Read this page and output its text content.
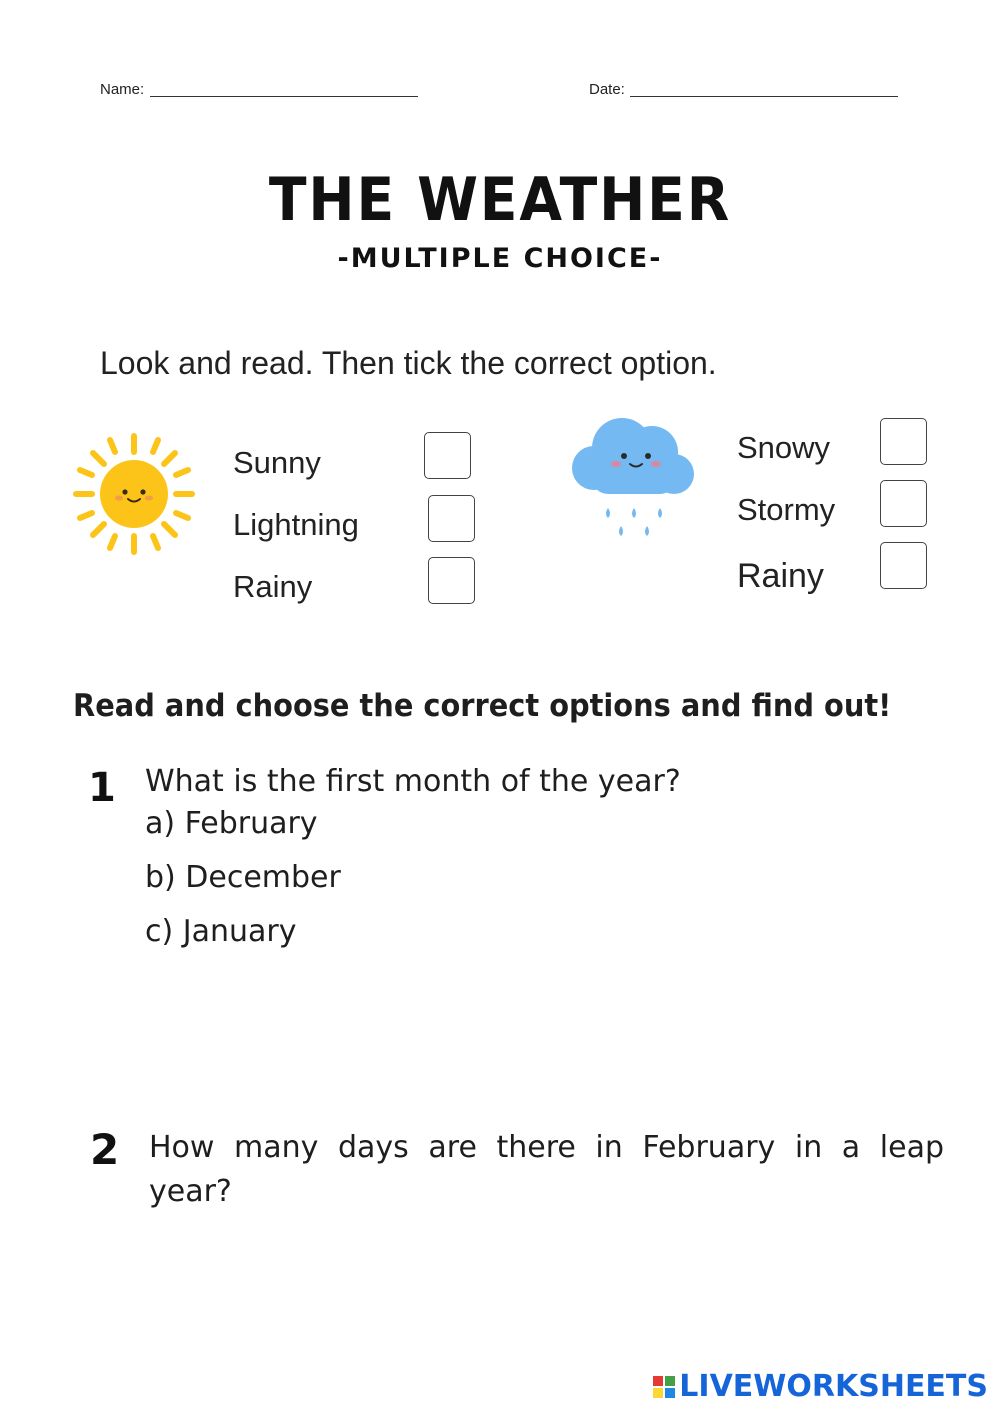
Name:	Date:
THE WEATHER
-MULTIPLE CHOICE-
Look and read. Then tick the correct option.
Sunny
Lightning
Rainy
Snowy
Stormy
Rainy
Read and choose the correct options and find out!
1 What is the first month of the year?
a) February
b) December
c) January
2 How many days are there in February in a leap year?
LIVEWORKSHEETS
